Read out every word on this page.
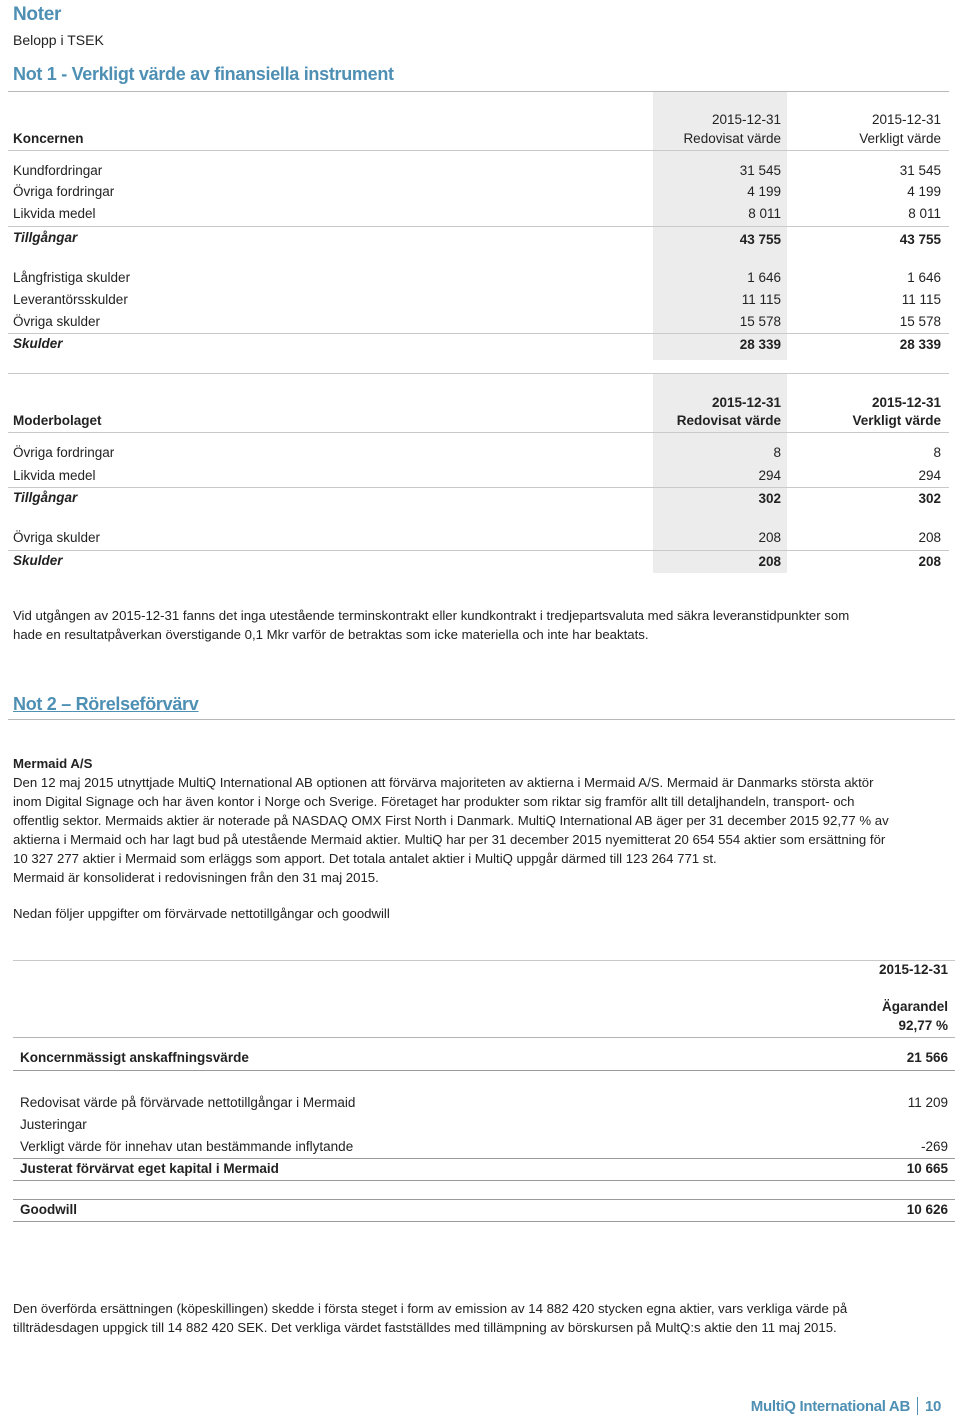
Noter
Belopp i TSEK
Not 1 - Verkligt värde av finansiella instrument
Koncernen
2015-12-31
Redovisat värde
2015-12-31
Verkligt värde
Kundfordringar	31 545	31 545
Övriga fordringar	4 199	4 199
Likvida medel	8 011	8 011
Tillgångar	43 755	43 755
Långfristiga skulder	1 646	1 646
Leverantörsskulder	11 115	11 115
Övriga skulder	15 578	15 578
Skulder	28 339	28 339
Moderbolaget
2015-12-31
Redovisat värde
2015-12-31
Verkligt värde
Övriga fordringar	8	8
Likvida medel	294	294
Tillgångar	302	302
Övriga skulder	208	208
Skulder	208	208
Vid utgången av 2015-12-31 fanns det inga utestående terminskontrakt eller kundkontrakt i tredjepartsvaluta med säkra leveranstidpunkter som
hade en resultatpåverkan överstigande 0,1 Mkr varför de betraktas som icke materiella och inte har beaktats.
Not 2 – Rörelseförvärv
Mermaid A/S
Den 12 maj 2015 utnyttjade MultiQ International AB optionen att förvärva majoriteten av aktierna i Mermaid A/S. Mermaid är Danmarks största aktör
inom Digital Signage och har även kontor i Norge och Sverige. Företaget har produkter som riktar sig framför allt till detaljhandeln, transport- och
offentlig sektor. Mermaids aktier är noterade på NASDAQ OMX First North i Danmark. MultiQ International AB äger per 31 december 2015 92,77 % av
aktierna i Mermaid och har lagt bud på utestående Mermaid aktier. MultiQ har per 31 december 2015 nyemitterat 20 654 554 aktier som ersättning för
10 327 277 aktier i Mermaid som erläggs som apport. Det totala antalet aktier i MultiQ uppgår därmed till 123 264 771 st.
Mermaid är konsoliderat i redovisningen från den 31 maj 2015.
Nedan följer uppgifter om förvärvade nettotillgångar och goodwill
2015-12-31
Ägarandel
92,77 %
Koncernmässigt anskaffningsvärde	21 566
Redovisat värde på förvärvade nettotillgångar i Mermaid	11 209
Justeringar
Verkligt värde för innehav utan bestämmande inflytande	-269
Justerat förvärvat eget kapital i Mermaid	10 665
Goodwill	10 626
Den överförda ersättningen (köpeskillingen) skedde i första steget i form av emission av 14 882 420 stycken egna aktier, vars verkliga värde på
tillträdesdagen uppgick till 14 882 420 SEK. Det verkliga värdet fastställdes med tillämpning av börskursen på MultQ:s aktie den 11 maj 2015.
MultiQ International AB 10
